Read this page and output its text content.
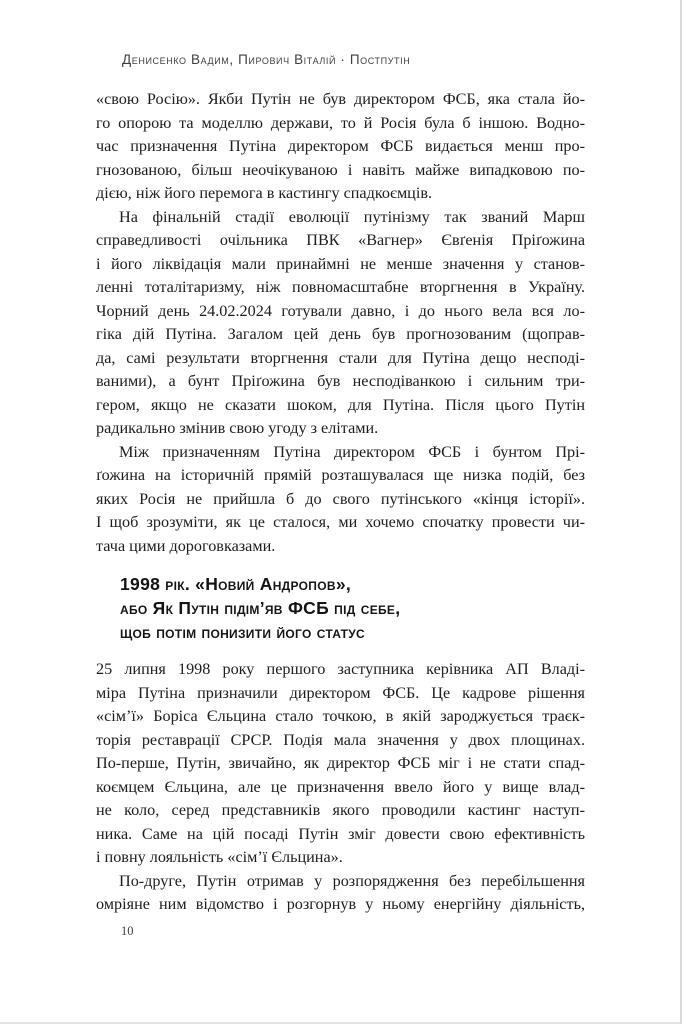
Денисенко Вадим, Пирович Віталій · Постпутін
«свою Росію». Якби Путін не був директором ФСБ, яка стала йо-
го опорою та моделлю держави, то й Росія була б іншою. Водно-
час призначення Путіна директором ФСБ видається менш про-
гнозованою, більш неочікуваною і навіть майже випадковою по-
дією, ніж його перемога в кастингу спадкоємців.
На фінальній стадії еволюції путінізму так званий Марш
справедливості очільника ПВК «Вагнер» Євґенія Пріґожина
і його ліквідація мали принаймні не менше значення у станов-
ленні тоталітаризму, ніж повномасштабне вторгнення в Україну.
Чорний день 24.02.2024 готували давно, і до нього вела вся ло-
гіка дій Путіна. Загалом цей день був прогнозованим (щоправ-
да, самі результати вторгнення стали для Путіна дещо несподі-
ваними), а бунт Пріґожина був несподіванкою і сильним три-
гером, якщо не сказати шоком, для Путіна. Після цього Путін
радикально змінив свою угоду з елітами.
Між призначенням Путіна директором ФСБ і бунтом Прі-
ґожина на історичній прямій розташувалася ще низка подій, без
яких Росія не прийшла б до свого путінського «кінця історії».
І щоб зрозуміти, як це сталося, ми хочемо спочатку провести чи-
тача цими дороговказами.
1998 рік. «Новий Андропов»,
або Як Путін підім’яв ФСБ під себе,
щоб потім понизити його статус
25 липня 1998 року першого заступника керівника АП Владі-
міра Путіна призначили директором ФСБ. Це кадрове рішення
«сім’ї» Боріса Єльцина стало точкою, в якій зароджується траєк-
торія реставрації СРСР. Подія мала значення у двох площинах.
По-перше, Путін, звичайно, як директор ФСБ міг і не стати спад-
коємцем Єльцина, але це призначення ввело його у вище влад-
не коло, серед представників якого проводили кастинг наступ-
ника. Саме на цій посаді Путін зміг довести свою ефективність
і повну лояльність «сім’ї Єльцина».
По-друге, Путін отримав у розпорядження без перебільшення
омріяне ним відомство і розгорнув у ньому енергійну діяльність,
10
